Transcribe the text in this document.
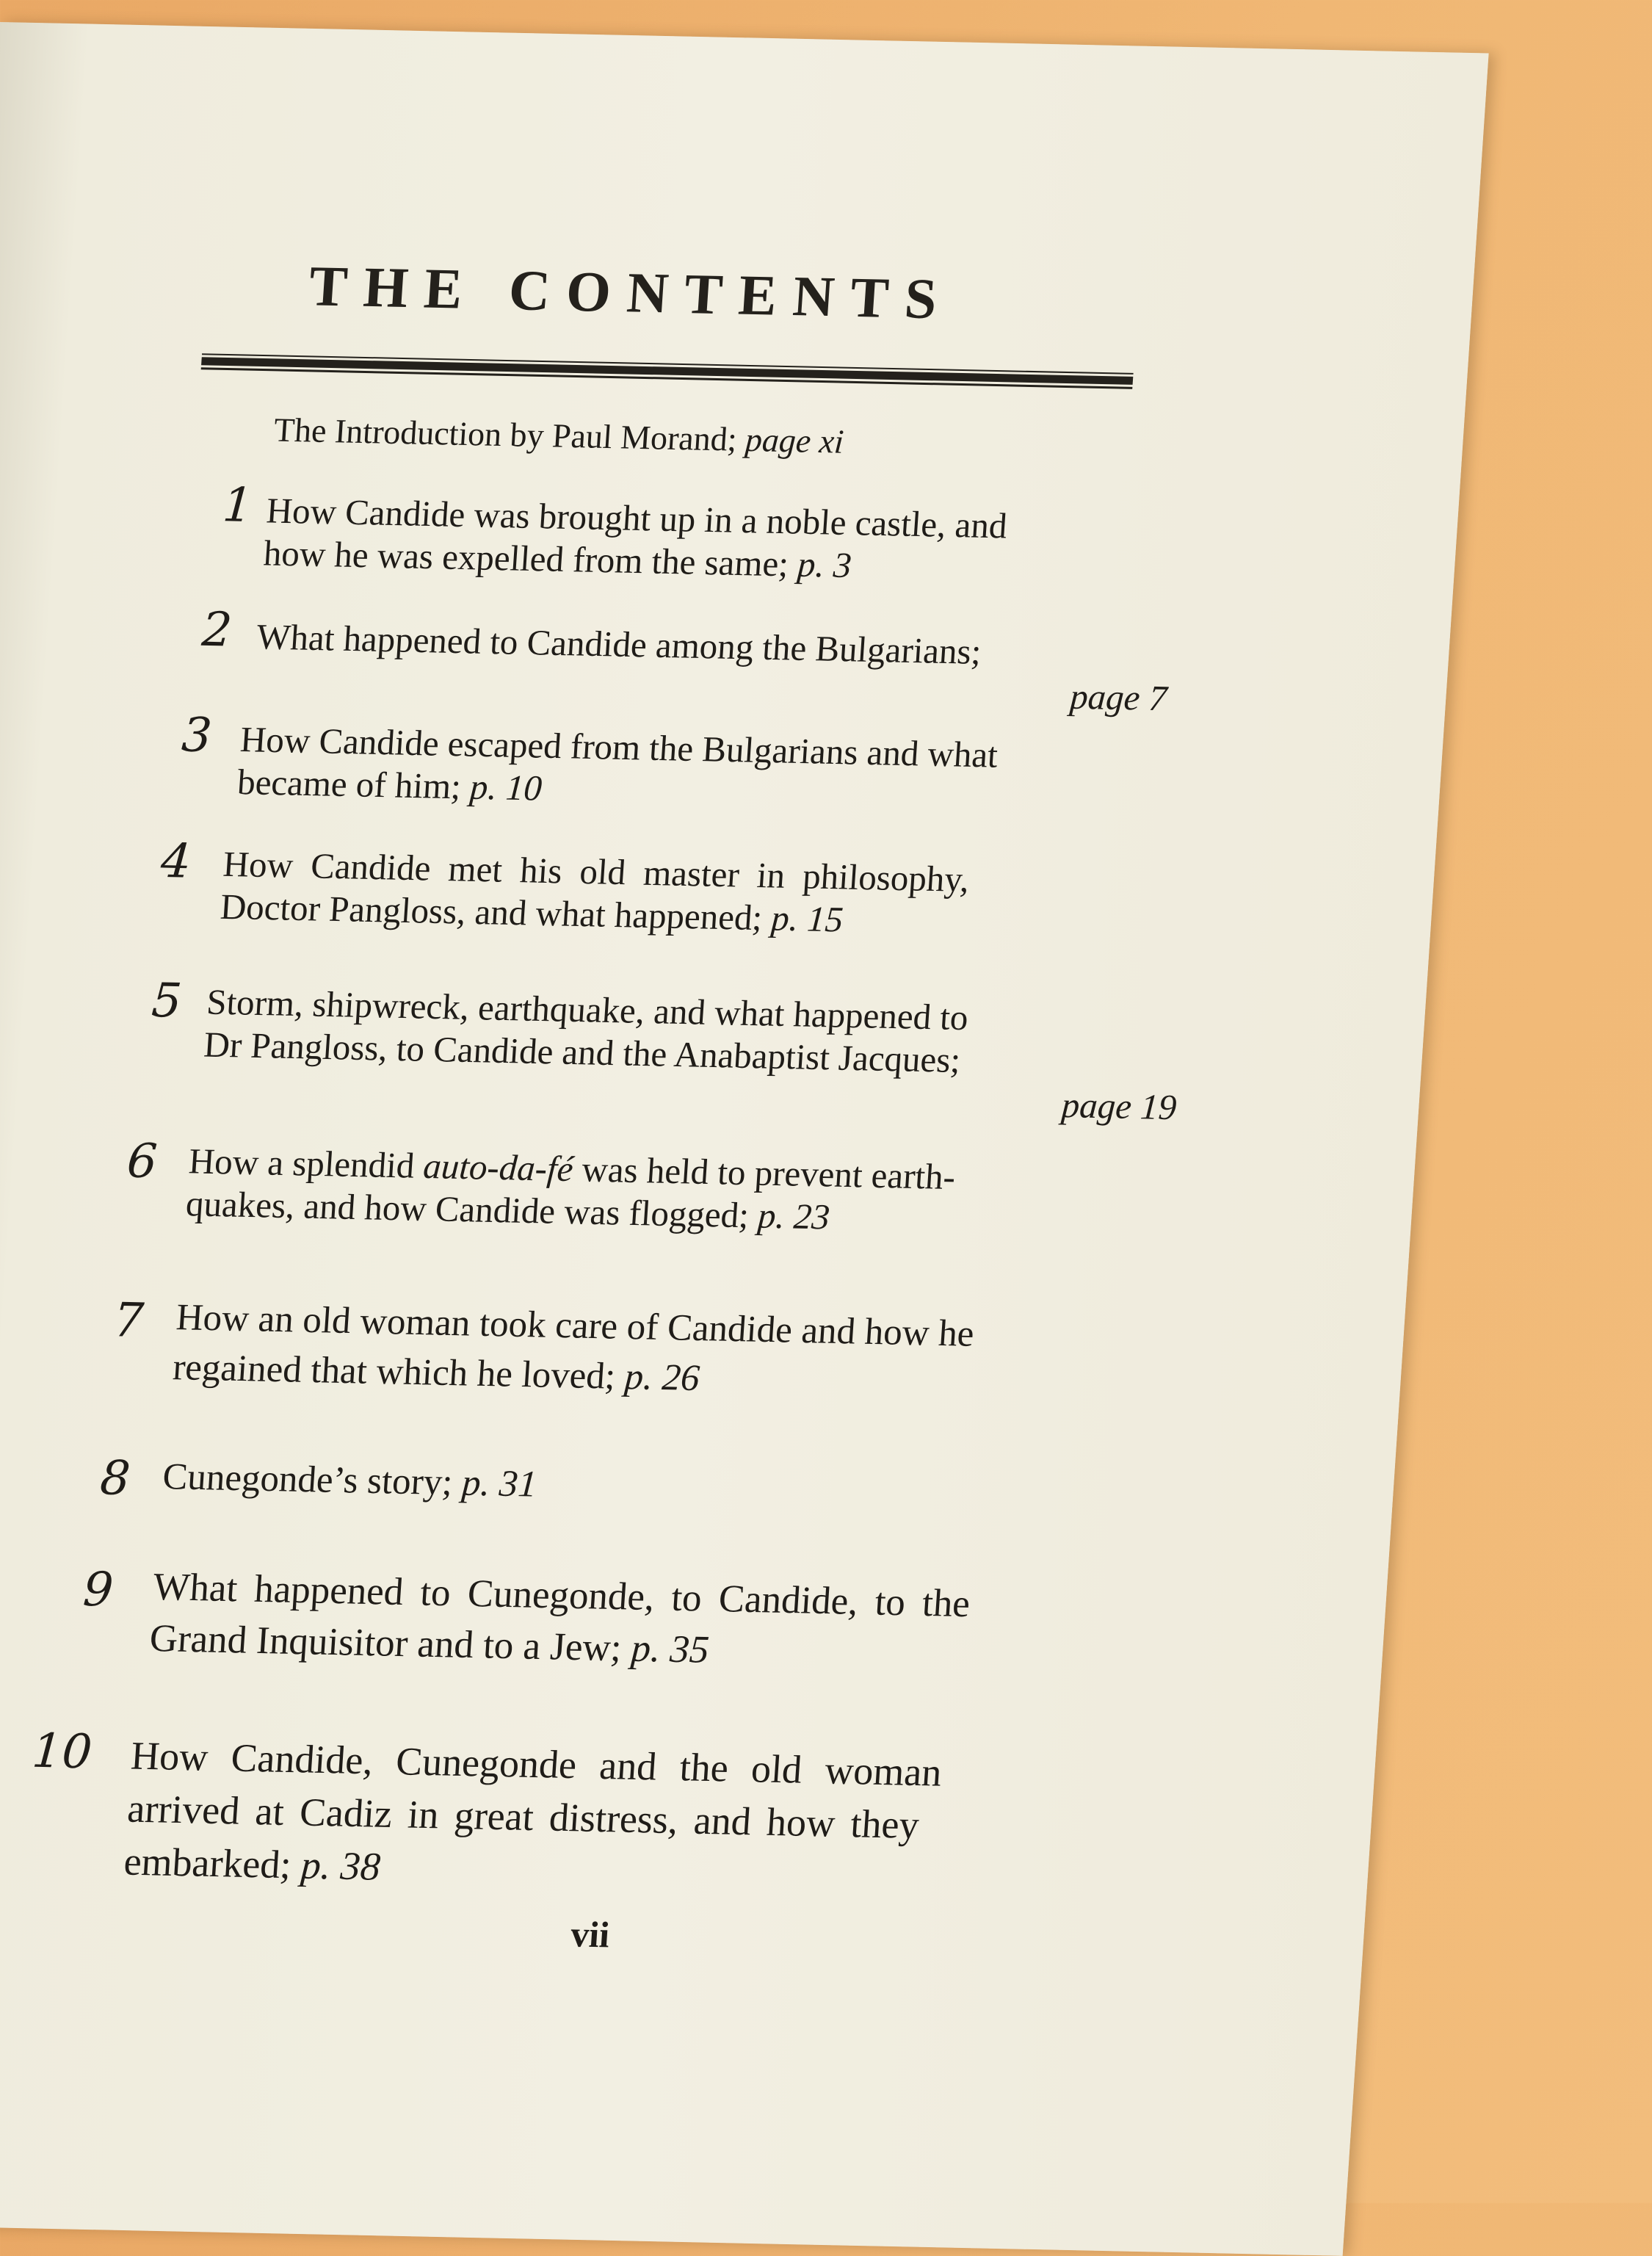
THE CONTENTS
The Introduction by Paul Morand; page xi
1 How Candide was brought up in a noble castle, and
how he was expelled from the same; p. 3
2 What happened to Candide among the Bulgarians;
page 7
3 How Candide escaped from the Bulgarians and what
became of him; p. 10
4 How Candide met his old master in philosophy,
Doctor Pangloss, and what happened; p. 15
5 Storm, shipwreck, earthquake, and what happened to
Dr Pangloss, to Candide and the Anabaptist Jacques;
page 19
6 How a splendid auto-da-fé was held to prevent earth-
quakes, and how Candide was flogged; p. 23
7 How an old woman took care of Candide and how he
regained that which he loved; p. 26
8 Cunegonde’s story; p. 31
9 What happened to Cunegonde, to Candide, to the
Grand Inquisitor and to a Jew; p. 35
10 How Candide, Cunegonde and the old woman
arrived at Cadiz in great distress, and how they
embarked; p. 38
vii
